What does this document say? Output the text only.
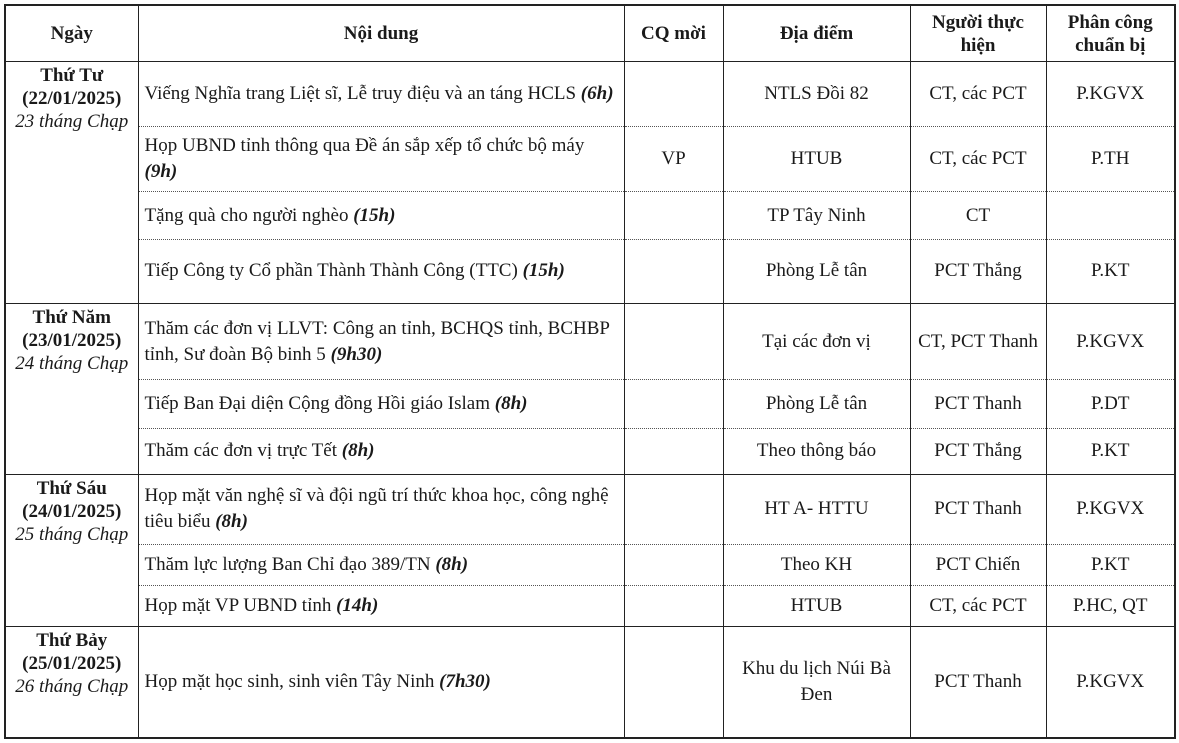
Ngày	Nội dung	CQ mời	Địa điểm	Người thực hiện	Phân công chuẩn bị

Thứ Tư
(22/01/2025)
23 tháng Chạp	Viếng Nghĩa trang Liệt sĩ, Lễ truy điệu và an táng HCLS (6h)		NTLS Đồi 82	CT, các PCT	P.KGVX
	Họp UBND tỉnh thông qua Đề án sắp xếp tổ chức bộ máy (9h)	VP	HTUB	CT, các PCT	P.TH
	Tặng quà cho người nghèo (15h)		TP Tây Ninh	CT	
	Tiếp Công ty Cổ phần Thành Thành Công (TTC) (15h)		Phòng Lễ tân	PCT Thắng	P.KT

Thứ Năm
(23/01/2025)
24 tháng Chạp	Thăm các đơn vị LLVT: Công an tỉnh, BCHQS tỉnh, BCHBP tỉnh, Sư đoàn Bộ binh 5 (9h30)		Tại các đơn vị	CT, PCT Thanh	P.KGVX
	Tiếp Ban Đại diện Cộng đồng Hồi giáo Islam (8h)		Phòng Lễ tân	PCT Thanh	P.DT
	Thăm các đơn vị trực Tết (8h)		Theo thông báo	PCT Thắng	P.KT

Thứ Sáu
(24/01/2025)
25 tháng Chạp	Họp mặt văn nghệ sĩ và đội ngũ trí thức khoa học, công nghệ tiêu biểu (8h)		HT A- HTTU	PCT Thanh	P.KGVX
	Thăm lực lượng Ban Chỉ đạo 389/TN (8h)		Theo KH	PCT Chiến	P.KT
	Họp mặt VP UBND tỉnh (14h)		HTUB	CT, các PCT	P.HC, QT

Thứ Bảy
(25/01/2025)
26 tháng Chạp	Họp mặt học sinh, sinh viên Tây Ninh (7h30)		Khu du lịch Núi Bà Đen	PCT Thanh	P.KGVX
